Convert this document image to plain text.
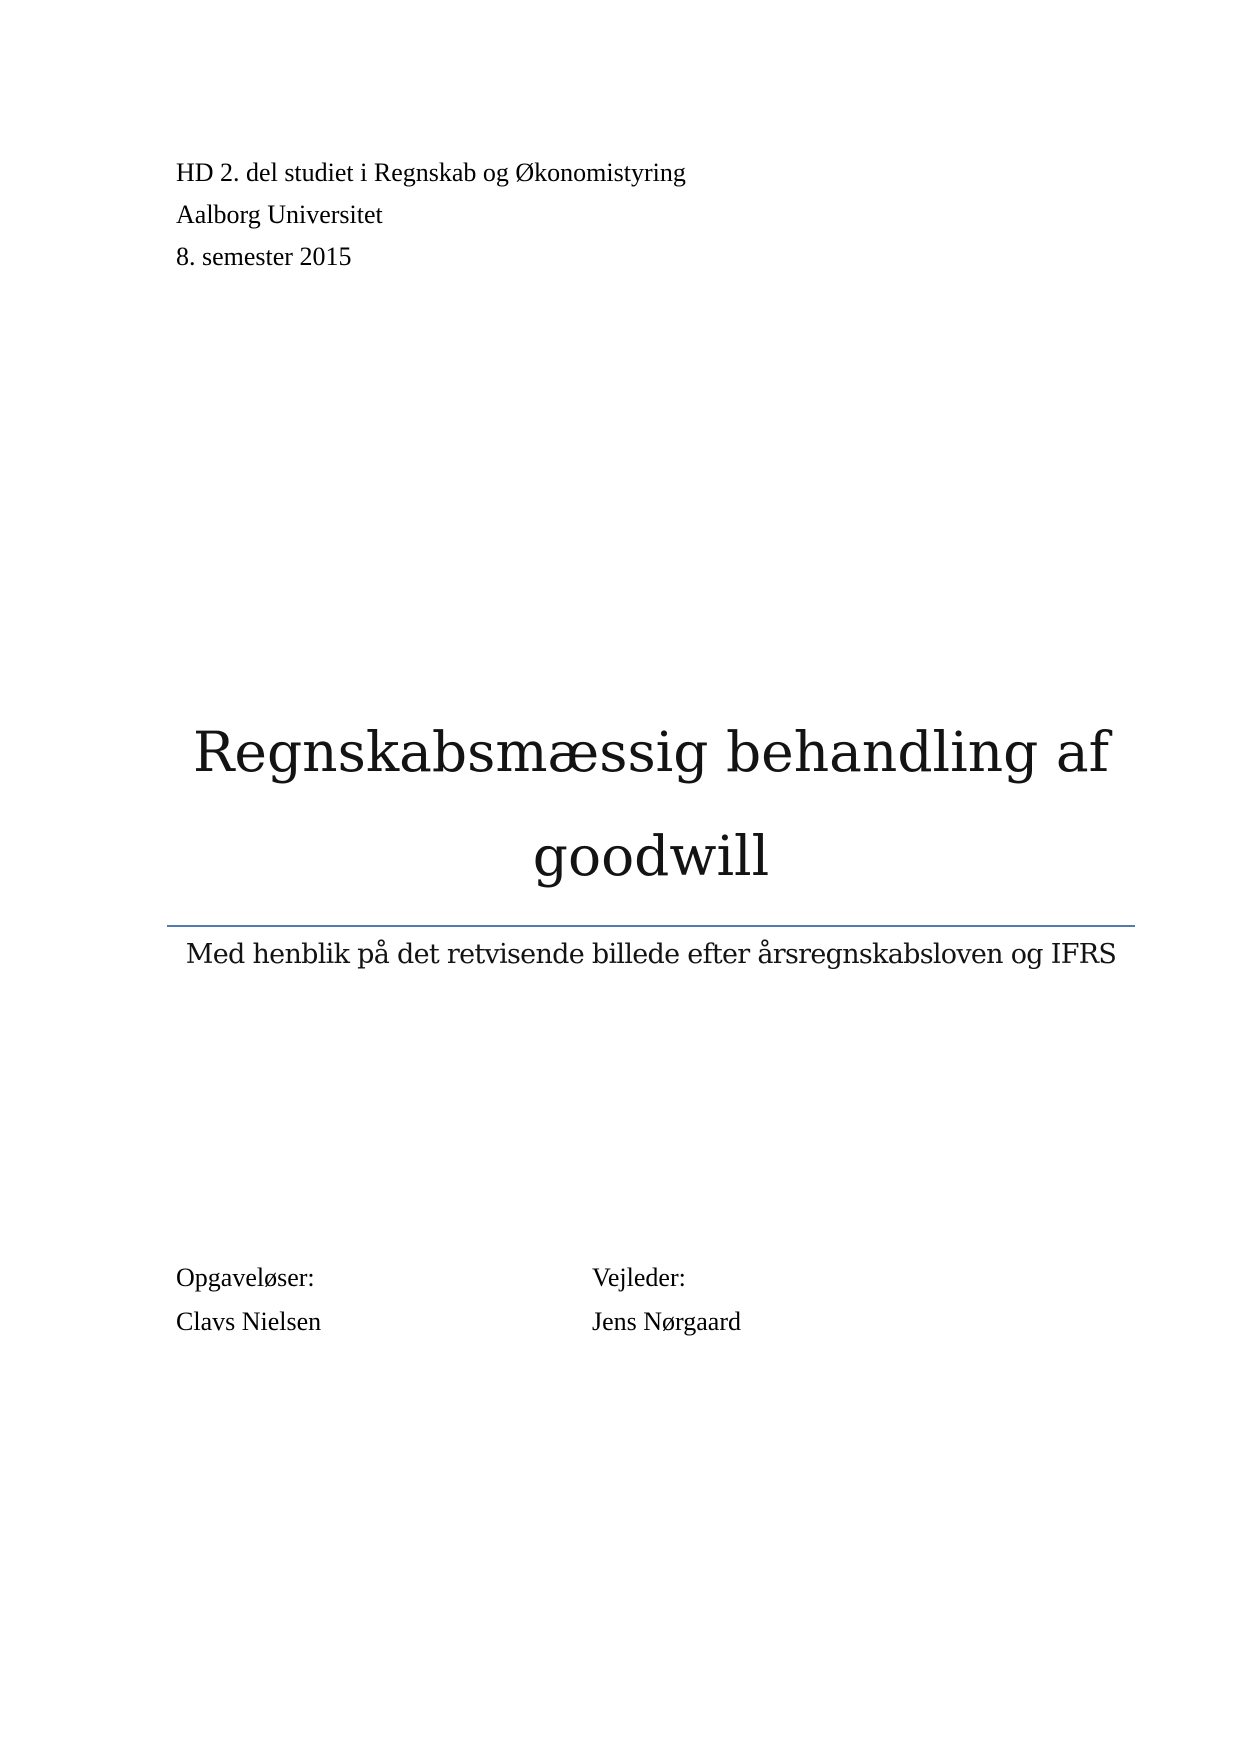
HD 2. del studiet i Regnskab og Økonomistyring

Aalborg Universitet

8. semester 2015

Regnskabsmæssig behandling af
goodwill

Med henblik på det retvisende billede efter årsregnskabsloven og IFRS

Opgaveløser:

Clavs Nielsen

Vejleder:

Jens Nørgaard
